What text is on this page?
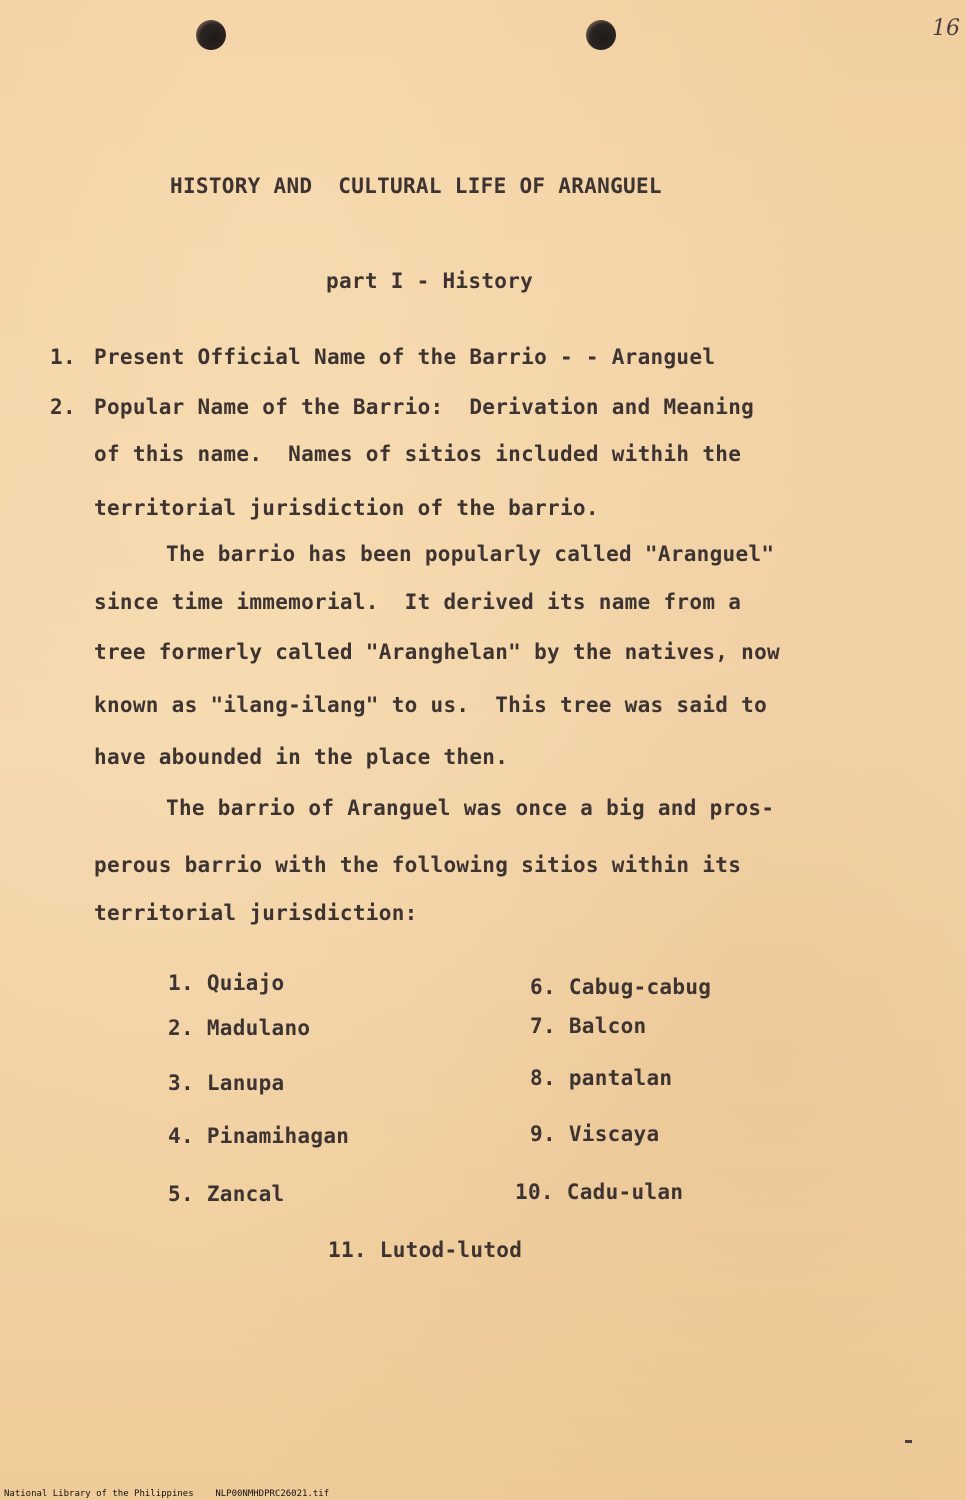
16

HISTORY AND  CULTURAL LIFE OF ARANGUEL
part I - History
1. Present Official Name of the Barrio - - Aranguel
2. Popular Name of the Barrio:  Derivation and Meaning
of this name.  Names of sitios included withih the
territorial jurisdiction of the barrio.
The barrio has been popularly called "Aranguel"
since time immemorial.  It derived its name from a
tree formerly called "Aranghelan" by the natives, now
known as "ilang-ilang" to us.  This tree was said to
have abounded in the place then.
The barrio of Aranguel was once a big and pros-
perous barrio with the following sitios within its
territorial jurisdiction:
1. Quiajo
2. Madulano
3. Lanupa
4. Pinamihagan
5. Zancal
6. Cabug-cabug
7. Balcon
8. pantalan
9. Viscaya
10. Cadu-ulan
11. Lutod-lutod
National Library of the Philippines    NLP00NMHDPRC26021.tif
